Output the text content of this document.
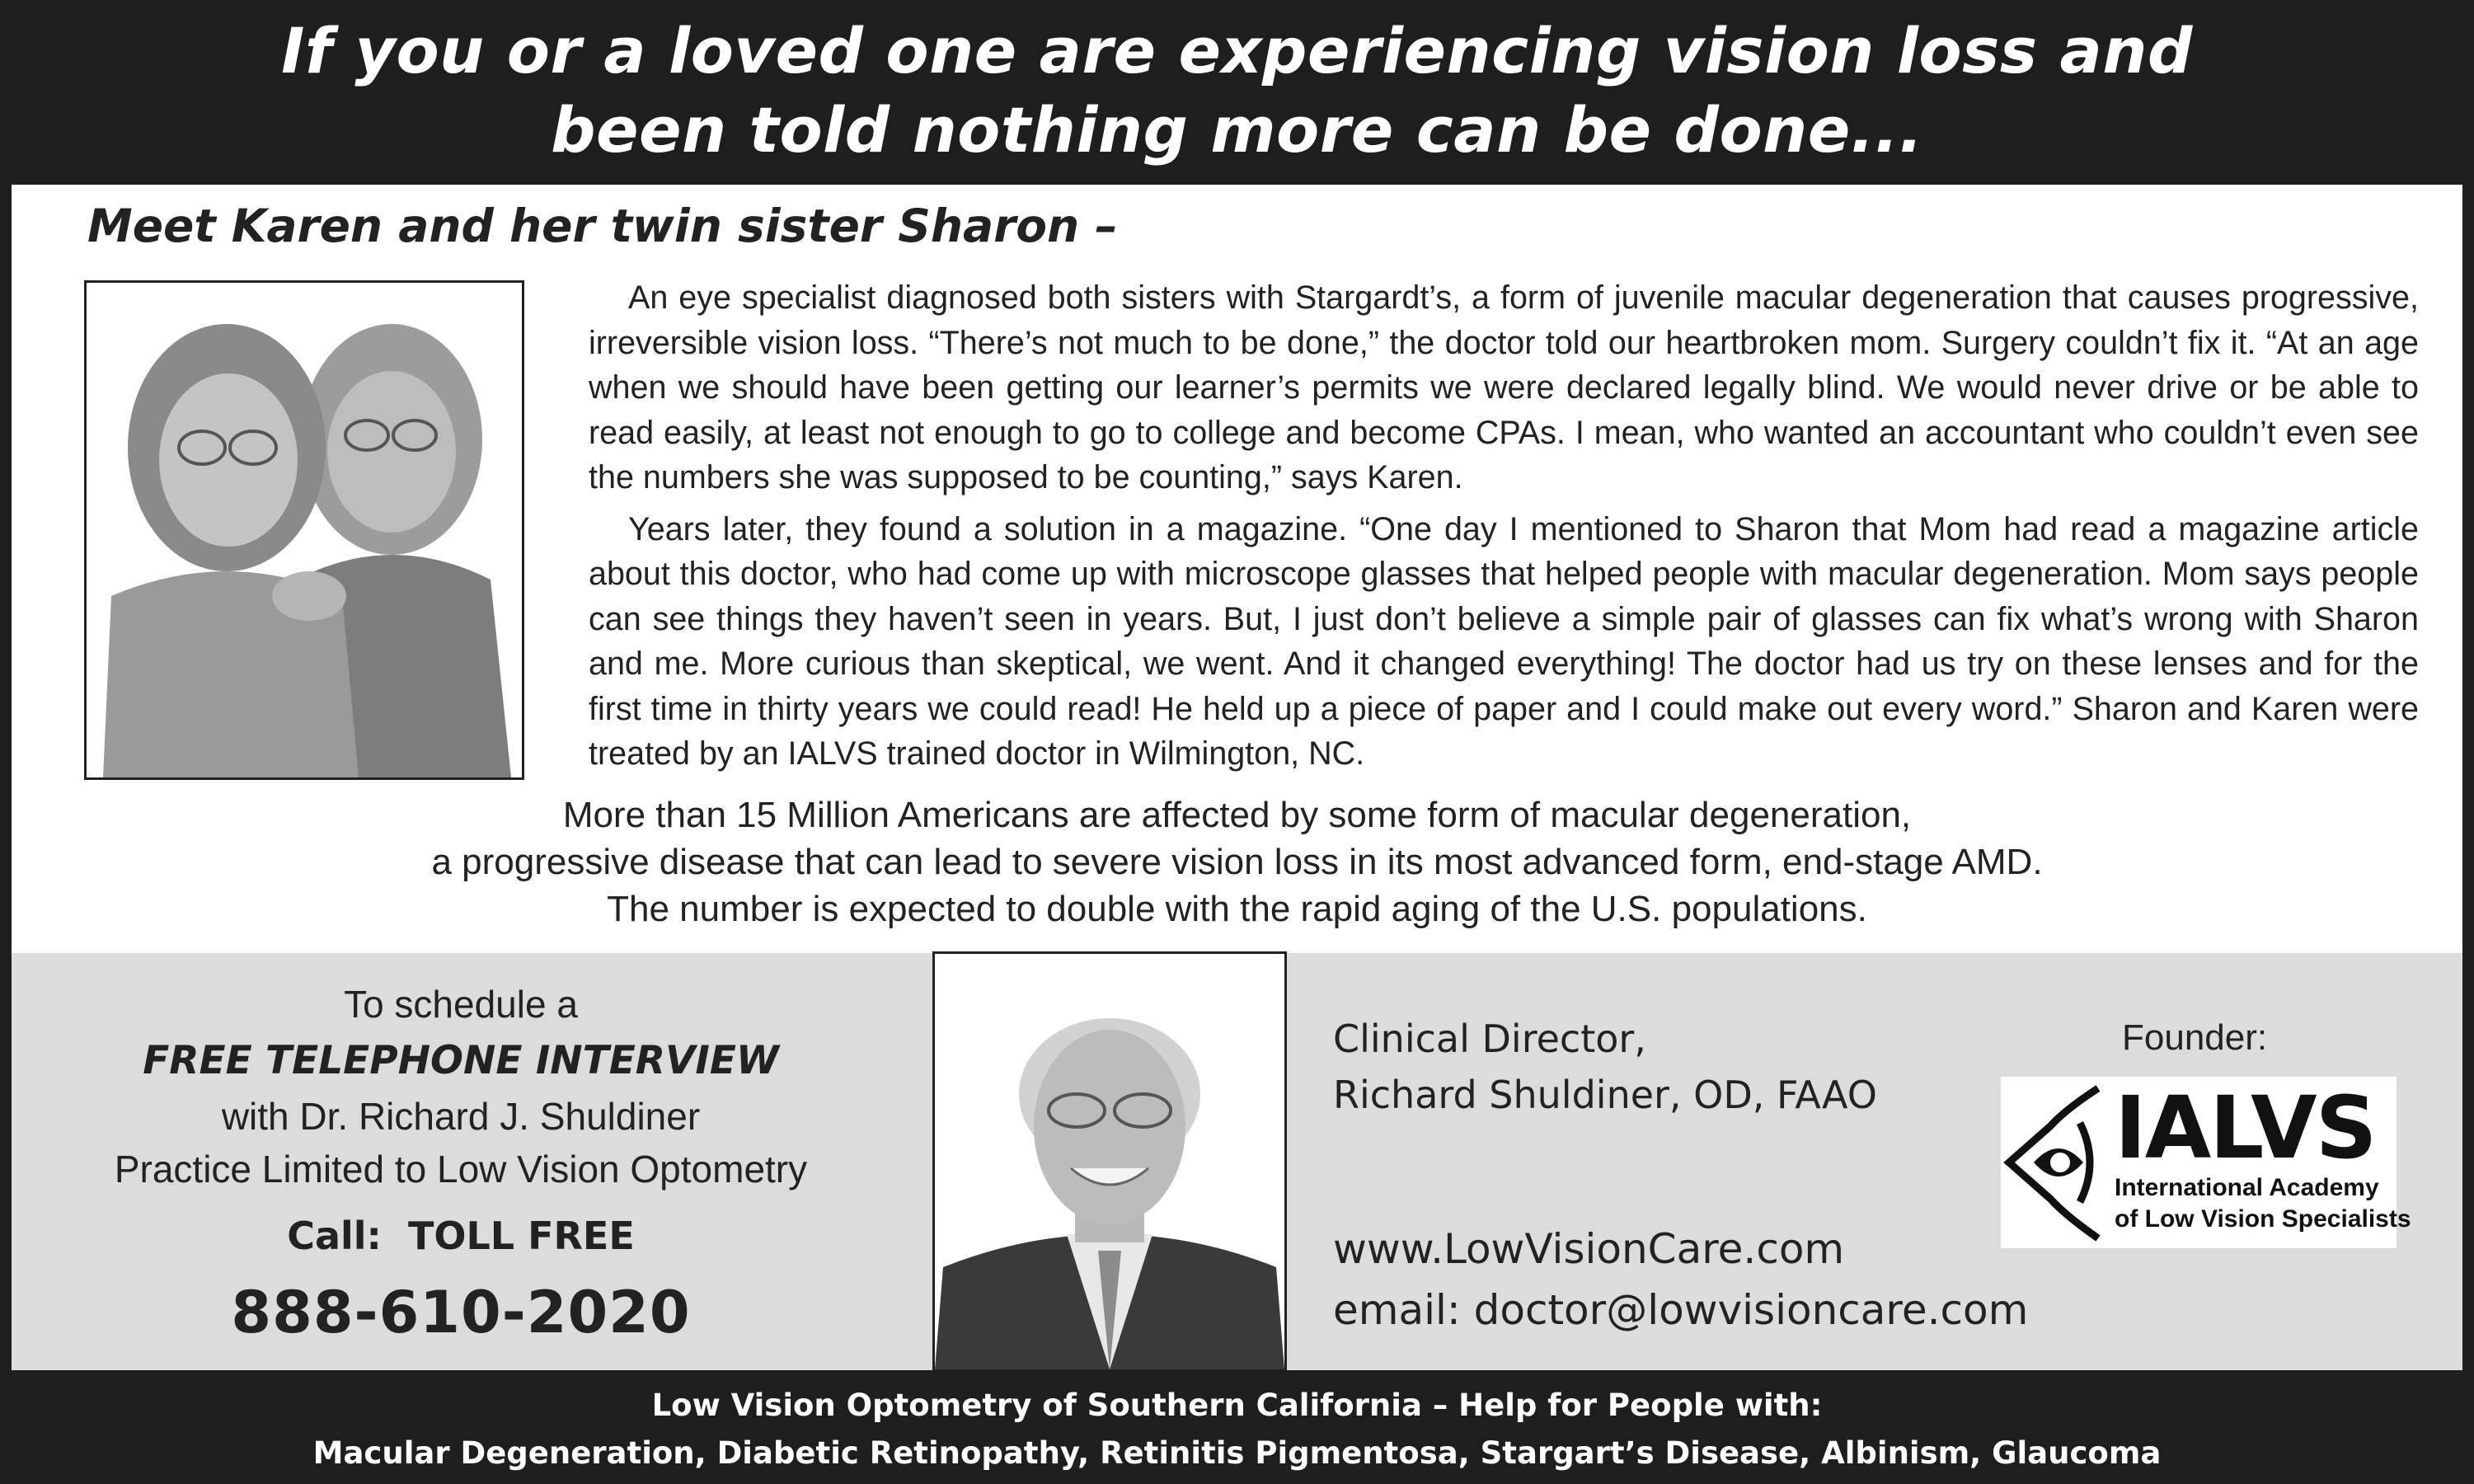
If you or a loved one are experiencing vision loss and
been told nothing more can be done...
Meet Karen and her twin sister Sharon –

An eye specialist diagnosed both sisters with Stargardt’s, a form of juvenile macular degeneration that causes progressive, irreversible vision loss. “There’s not much to be done,” the doctor told our heartbroken mom. Surgery couldn’t fix it. “At an age when we should have been getting our learner’s permits we were declared legally blind. We would never drive or be able to read easily, at least not enough to go to college and become CPAs. I mean, who wanted an accountant who couldn’t even see the numbers she was supposed to be counting,” says Karen.

Years later, they found a solution in a magazine. “One day I mentioned to Sharon that Mom had read a magazine article about this doctor, who had come up with microscope glasses that helped people with macular degeneration. Mom says people can see things they haven’t seen in years. But, I just don’t believe a simple pair of glasses can fix what’s wrong with Sharon and me. More curious than skeptical, we went. And it changed everything! The doctor had us try on these lenses and for the first time in thirty years we could read! He held up a piece of paper and I could make out every word.” Sharon and Karen were treated by an IALVS trained doctor in Wilmington, NC.

More than 15 Million Americans are affected by some form of macular degeneration,
a progressive disease that can lead to severe vision loss in its most advanced form, end-stage AMD.
The number is expected to double with the rapid aging of the U.S. populations.
To schedule a
FREE TELEPHONE INTERVIEW
with Dr. Richard J. Shuldiner
Practice Limited to Low Vision Optometry
Call:  TOLL FREE
888-610-2020
Clinical Director,
Richard Shuldiner, OD, FAAO
www.LowVisionCare.com
email: doctor@lowvisioncare.com
Founder:
IALVS
International Academy
of Low Vision Specialists
Low Vision Optometry of Southern California – Help for People with:
Macular Degeneration, Diabetic Retinopathy, Retinitis Pigmentosa, Stargart’s Disease, Albinism, Glaucoma
